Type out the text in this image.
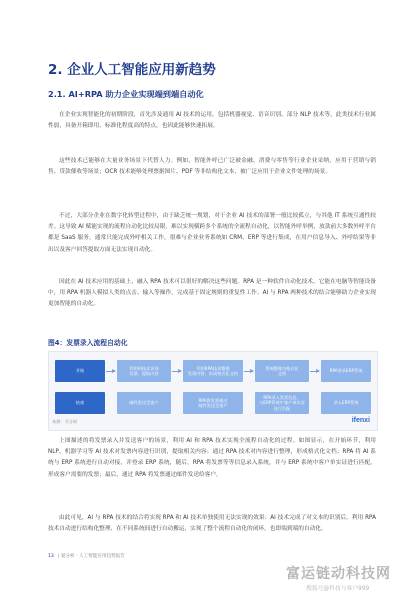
2. 企业人工智能应用新趋势
2.1. AI+RPA 助力企业实现端到端自动化

在企业实现智能化的初期阶段，首先涉及通用 AI 技术的运用，包括机器视觉、语音识别、部分 NLP 技术等，此类技术行业属性弱，具备开箱即用、标准化程度高的特点，也因此能够快速拓展。

这些技术已能够在大量业务场景下代替人力。例如，智能外呼已广泛被金融、消费与零售等行业企业采纳，应用于营销与销售、贷款催收等场景；OCR 技术能够处理票据图片、PDF 等非结构化文本，被广泛应用于企业文件处理的场景。

不过，大部分企业在数字化转型过程中，由于缺乏统一规划，对于企业 AI 技术的部署一般比较孤立，与其他 IT 系统互通性较差。这导致 AI 赋能实现的流程自动化比较局限，难以实现横跨多个系统的全流程自动化，以智能外呼举例，放款前大多数外呼平台都是 SaaS 服务，通常只能完成外呼相关工作，很难与企业业务系统如 CRM、ERP 等进行集成，在用户信息导入、外呼结果等非出以及客户回答提取方面无法实现自动化。

因此在 AI 技术应用的基础上，融入 RPA 技术可以很好的解决这些问题。RPA 是一种软件自动化技术，它能在电脑等智能设备中，用 RPA 机器人模拟人类的点击、输入等操作，完成基于固定规则的重复性工作。AI 与 RPA 两种技术的结合能够助力企业实现更加智能的自动化。

图4：发票录入流程自动化
开始
利用AI技术识别
发票，提取内容
利用RPA技术整理
发票内容，形成格式化文档
系统整理为格式化
文档
RPA登录ERP系统
结束	邮件发送至客户
RPA将发票通过
邮件发送至客户
RPA录入发票信息，
与ERP系统中客户单实证进行匹配
录入ERP系统
来源：艾分析	ifenxi

上图描述的将发票录入并发送客户的场景，利用 AI 和 RPA 技术实现全流程自动化的过程。如图显示，在开始环节，利用 NLP、机器学习等 AI 技术对发票内容进行识别，提取相关内容；通过 RPA 技术对内容进行整理，形成格式化文档；RPA 将 AI 系统与 ERP 系统进行自动对接，并登录 ERP 系统，随后，RPA 将发票等等信息录入系统，并与 ERP 系统中客户单实证进行匹配，形成客户需要的发票；最后，通过 RPA 将发票通过邮件发送给客户。

由此可见，AI 与 RPA 技术的结合将实现 RPA 和 AI 技术单独使用无法实现的效果：AI 技术完成了对文本的识别后，利用 RPA 技术自动进行结构化整理、在不同系统间进行自动搬运，实现了整个流程自动化的闭环，也即端到端的自动化。

13 | 爱分析 · 人工智能应用趋势报告
富运链动科技网
搜狐号@科技与客户999
